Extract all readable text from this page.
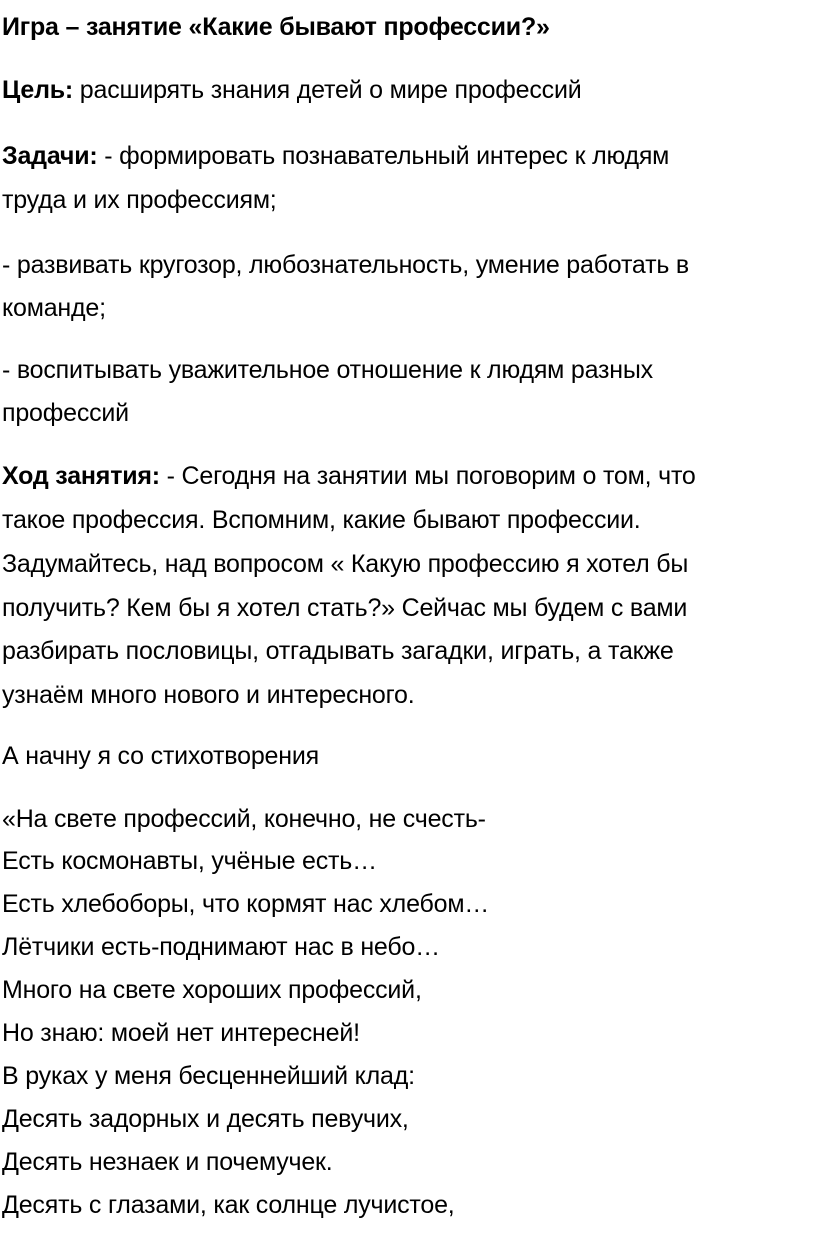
Игра – занятие «Какие бывают профессии?»
Цель: расширять знания детей о мире профессий
Задачи: - формировать познавательный интерес к людям
труда и их профессиям;
- развивать кругозор, любознательность, умение работать в
команде;
- воспитывать уважительное отношение к людям разных
профессий
Ход занятия: - Сегодня на занятии мы поговорим о том, что
такое профессия. Вспомним, какие бывают профессии.
Задумайтесь, над вопросом « Какую профессию я хотел бы
получить? Кем бы я хотел стать?» Сейчас мы будем с вами
разбирать пословицы, отгадывать загадки, играть, а также
узнаём много нового и интересного.
А начну я со стихотворения
«На свете профессий, конечно, не счесть-
Есть космонавты, учёные есть…
Есть хлебоборы, что кормят нас хлебом…
Лётчики есть-поднимают нас в небо…
Много на свете хороших профессий,
Но знаю: моей нет интересней!
В руках у меня бесценнейший клад:
Десять задорных и десять певучих,
Десять незнаек и почемучек.
Десять с глазами, как солнце лучистое,
